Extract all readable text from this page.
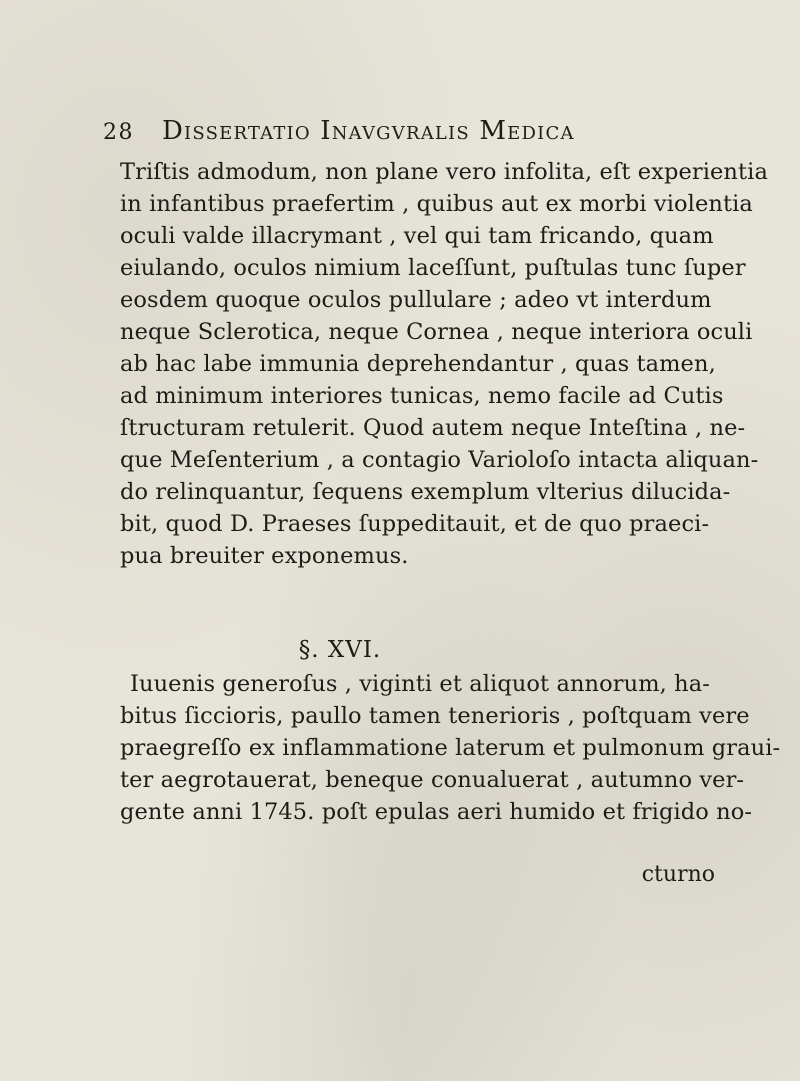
28 Dissertatio Inavgvralis Medica
Triſtis admodum, non plane vero infolita, eſt experientia
in infantibus praefertim , quibus aut ex morbi violentia
oculi valde illacrymant , vel qui tam fricando, quam
eiulando, oculos nimium laceſſunt, puſtulas tunc ſuper
eosdem quoque oculos pullulare ; adeo vt interdum
neque Sclerotica, neque Cornea , neque interiora oculi
ab hac labe immunia deprehendantur , quas tamen,
ad minimum interiores tunicas, nemo facile ad Cutis
ſtructuram retulerit. Quod autem neque Inteſtina , ne-
que Meſenterium , a contagio Varioloſo intacta aliquan-
do relinquantur, ſequens exemplum vlterius dilucida-
bit, quod D. Praeses ſuppeditauit, et de quo praeci-
pua breuiter exponemus.
§. XVI.
Iuuenis generoſus , viginti et aliquot annorum, ha-
bitus ſiccioris, paullo tamen tenerioris , poſtquam vere
praegreſſo ex inflammatione laterum et pulmonum graui-
ter aegrotauerat, beneque conualuerat , autumno ver-
gente anni 1745. poſt epulas aeri humido et frigido no-
cturno
